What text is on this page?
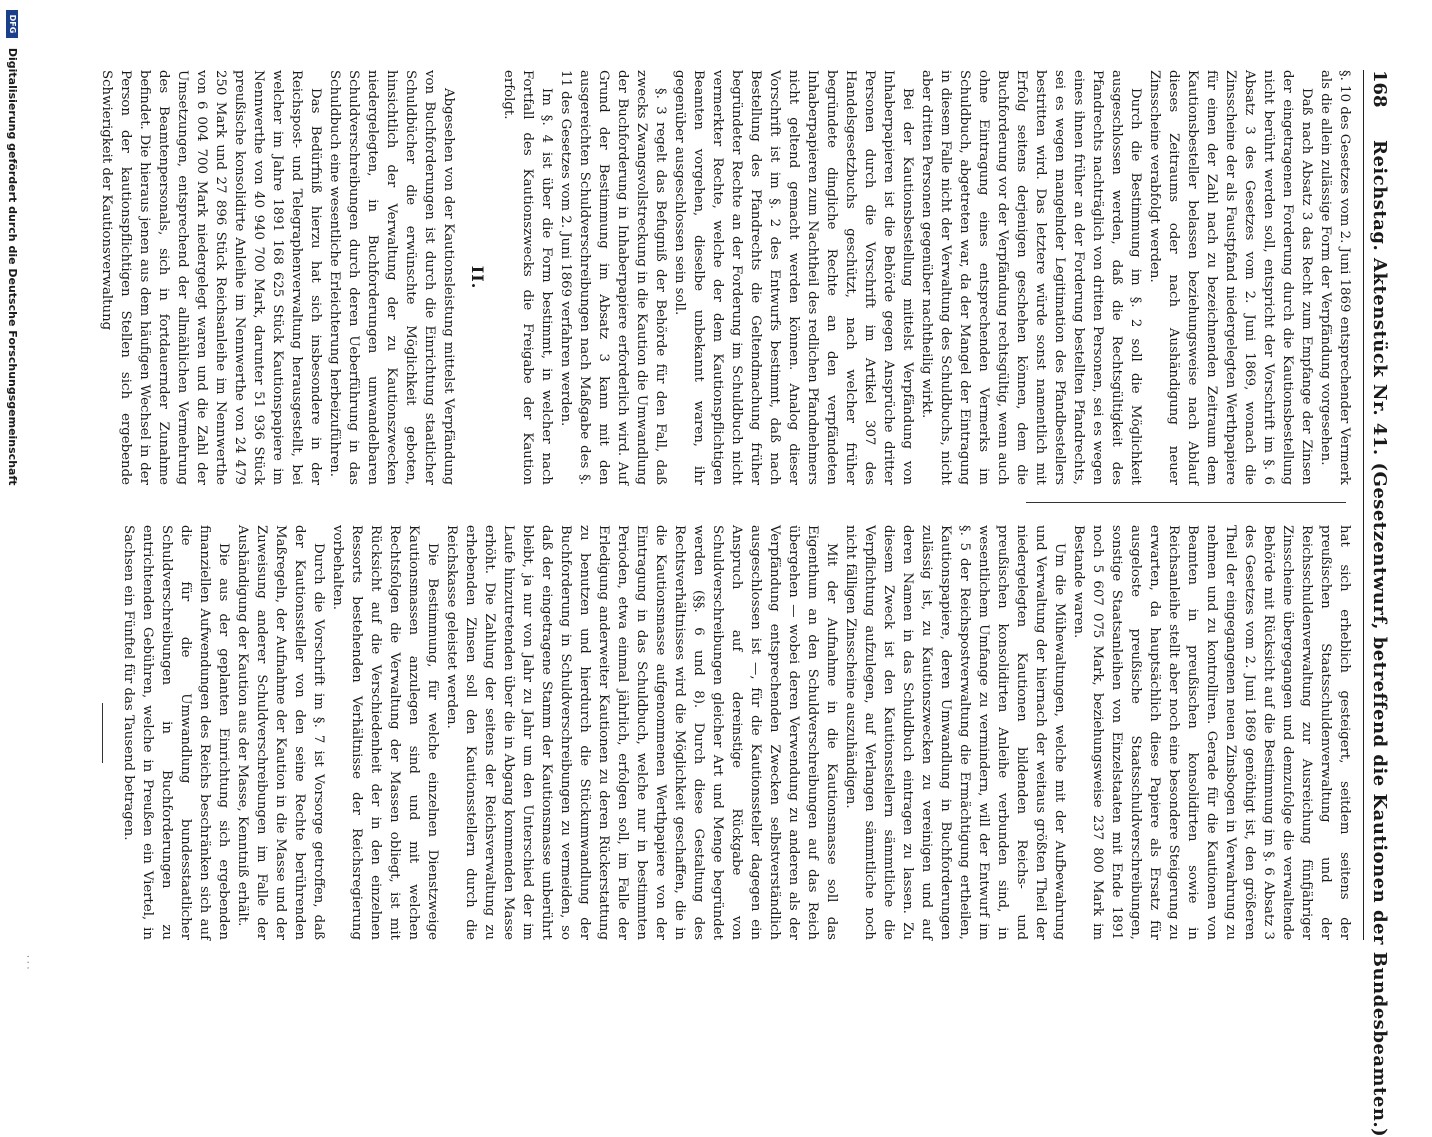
168
Reichstag. Aktenstück Nr. 41. (Gesetzentwurf, betreffend die Kautionen der Bundesbeamten.)

§. 10 des Gesetzes vom 2. Juni 1869 entsprechender Vermerk als die allein zulässige Form der Verpfändung vorgesehen.

Daß nach Absatz 3 das Recht zum Empfange der Zinsen der eingetragenen Forderung durch die Kautionsbestellung nicht berührt werden soll, entspricht der Vorschrift im §. 6 Absatz 3 des Gesetzes vom 2. Juni 1869, wonach die Zinsscheine der als Faustpfand niedergelegten Werthpapiere für einen der Zahl nach zu bezeichnenden Zeitraum dem Kautionsbesteller belassen beziehungsweise nach Ablauf dieses Zeitraums oder nach Aushändigung neuer Zinsscheine verabfolgt werden.

Durch die Bestimmung im §. 2 soll die Möglichkeit ausgeschlossen werden, daß die Rechtsgültigkeit des Pfandrechts nachträglich von dritten Personen, sei es wegen eines ihnen früher an der Forderung bestellten Pfandrechts, sei es wegen mangelnder Legitimation des Pfandbestellers bestritten wird. Das letztere würde sonst namentlich mit Erfolg seitens derjenigen geschehen können, dem die Buchforderung vor der Verpfändung rechtsgültig, wenn auch ohne Eintragung eines entsprechenden Vermerks im Schuldbuch, abgetreten war, da der Mangel der Eintragung in diesem Falle nicht der Verwaltung des Schuldbuchs, nicht aber dritten Personen gegenüber nachtheilig wirkt.

Bei der Kautionsbestellung mittelst Verpfändung von Inhaberpapieren ist die Behörde gegen Ansprüche dritter Personen durch die Vorschrift im Artikel 307 des Handelsgesetzbuchs geschützt, nach welcher früher begründete dingliche Rechte an den verpfändeten Inhaberpapieren zum Nachtheil des redlichen Pfandnehmers nicht geltend gemacht werden können. Analog dieser Vorschrift ist im §. 2 des Entwurfs bestimmt, daß nach Bestellung des Pfandrechts die Geltendmachung früher begründeter Rechte an der Forderung im Schuldbuch nicht vermerkter Rechte, welche der dem Kautionspflichtigen Beamten vorgehen, dieselbe unbekannt waren, ihr gegenüber ausgeschlossen sein soll.

§. 3 regelt das Befugniß der Behörde für den Fall, daß zwecks Zwangsvollstreckung in die Kaution die Umwandlung der Buchforderung in Inhaberpapiere erforderlich wird. Auf Grund der Bestimmung im Absatz 3 kann mit den ausgereichten Schuldverschreibungen nach Maßgabe des §. 11 des Gesetzes vom 2. Juni 1869 verfahren werden.

Im §. 4 ist über die Form bestimmt, in welcher nach Fortfall des Kautionszwecks die Freigabe der Kaution erfolgt.

II.

Abgesehen von der Kautionsleistung mittelst Verpfändung von Buchforderungen ist durch die Einrichtung staatlicher Schuldbücher die erwünschte Möglichkeit geboten, hinsichtlich der Verwaltung der zu Kautionszwecken niedergelegten, in Buchforderungen umwandelbaren Schuldverschreibungen durch deren Ueberführung in das Schuldbuch eine wesentliche Erleichterung herbeizuführen.

Das Bedürfniß hierzu hat sich insbesondere in der Reichspost- und Telegraphenverwaltung herausgestellt, bei welcher im Jahre 1891 168 625 Stück Kautionspapiere im Nennwerthe von 40 940 700 Mark, darunter 51 936 Stück preußische konsolidirte Anleihe im Nennwerthe von 24 479 250 Mark und 27 896 Stück Reichsanleihe im Nennwerthe von 6 004 700 Mark niedergelegt waren und die Zahl der Umsetzungen, entsprechend der allmählichen Vermehrung des Beamtenpersonals, sich in fortdauernder Zunahme befindet. Die hieraus jenen aus dem häufigen Wechsel in der Person der kautionspflichtigen Stellen sich ergebende Schwierigkeit der Kautionsverwaltung

hat sich erheblich gesteigert, seitdem seitens der preußischen Staatsschuldenverwaltung und der Reichsschuldenverwaltung zur Ausreichung fünfjähriger Zinsscheine übergegangen und demzufolge die verwaltende Behörde mit Rücksicht auf die Bestimmung im §. 6 Absatz 3 des Gesetzes vom 2. Juni 1869 genöthigt ist, den größeren Theil der eingegangenen neuen Zinsbogen in Verwahrung zu nehmen und zu kontrolliren. Gerade für die Kautionen von Beamten in preußischen konsolidirten sowie in Reichsanleihe stellt aber noch eine besondere Steigerung zu erwarten, da hauptsächlich diese Papiere als Ersatz für ausgeloste preußische Staatsschuldverschreibungen, sonstige Staatsanleihen von Einzelstaaten mit Ende 1891 noch 5 607 075 Mark, beziehungsweise 237 800 Mark im Bestande waren.

Um die Mühewaltungen, welche mit der Aufbewahrung und Verwaltung der hiernach der weitaus größten Theil der niedergelegten Kautionen bildenden Reichs- und preußischen konsolidirten Anleihe verbunden sind, in wesentlichem Umfange zu vermindern, will der Entwurf im §. 5 der Reichspostverwaltung die Ermächtigung ertheilen, Kautionspapiere, deren Umwandlung in Buchforderungen zulässig ist, zu Kautionszwecken zu vereinigen und auf deren Namen in das Schuldbuch eintragen zu lassen. Zu diesem Zweck ist den Kautionsstellern sämmtliche die Verpflichtung aufzulegen, auf Verlangen sämmtliche noch nicht fälligen Zinsscheine auszuhändigen.

Mit der Aufnahme in die Kautionsmasse soll das Eigenthum an den Schuldverschreibungen auf das Reich übergehen — wobei deren Verwendung zu anderen als der Verpfändung entsprechenden Zwecken selbstverständlich ausgeschlossen ist —, für die Kautionssteller dagegen ein Anspruch auf dereinstige Rückgabe von Schuldverschreibungen gleicher Art und Menge begründet werden (§§. 6 und 8). Durch diese Gestaltung des Rechtsverhältnisses wird die Möglichkeit geschaffen, die in die Kautionsmasse aufgenommenen Werthpapiere von der Eintragung in das Schuldbuch, welche nur in bestimmten Perioden, etwa einmal jährlich, erfolgen soll, im Falle der Erledigung anderweiter Kautionen zu deren Rückerstattung zu benutzen und hierdurch die Stückumwandlung der Buchforderung in Schuldverschreibungen zu vermeiden, so daß der eingetragene Stamm der Kautionsmasse unberührt bleibt, ja nur von Jahr zu Jahr um den Unterschied der im Laufe hinzutretenden über die in Abgang kommenden Masse erhöht. Die Zahlung der seitens der Reichsverwaltung zu erhebenden Zinsen soll den Kautionsstellern durch die Reichskasse geleistet werden.

Die Bestimmung, für welche einzelnen Dienstzweige Kautionsmassen anzulegen sind und mit welchen Rechtsfolgen die Verwaltung der Massen obliegt, ist mit Rücksicht auf die Verschiedenheit der in den einzelnen Ressorts bestehenden Verhältnisse der Reichsregierung vorbehalten.

Durch die Vorschrift im §. 7 ist Vorsorge getroffen, daß der Kautionssteller von den seine Rechte berührenden Maßregeln, der Aufnahme der Kaution in die Masse und der Zuweisung anderer Schuldverschreibungen im Falle der Aushändigung der Kaution aus der Masse, Kenntniß erhält.

Die aus der geplanten Einrichtung sich ergebenden finanziellen Aufwendungen des Reichs beschränken sich auf die für die Umwandlung bundesstaatlicher Schuldverschreibungen in Buchforderungen zu entrichtenden Gebühren, welche in Preußen ein Viertel, in Sachsen ein Fünftel für das Tausend betragen.

DFG Digitalisierung gefördert durch die Deutsche Forschungsgemeinschaft
· · ·
